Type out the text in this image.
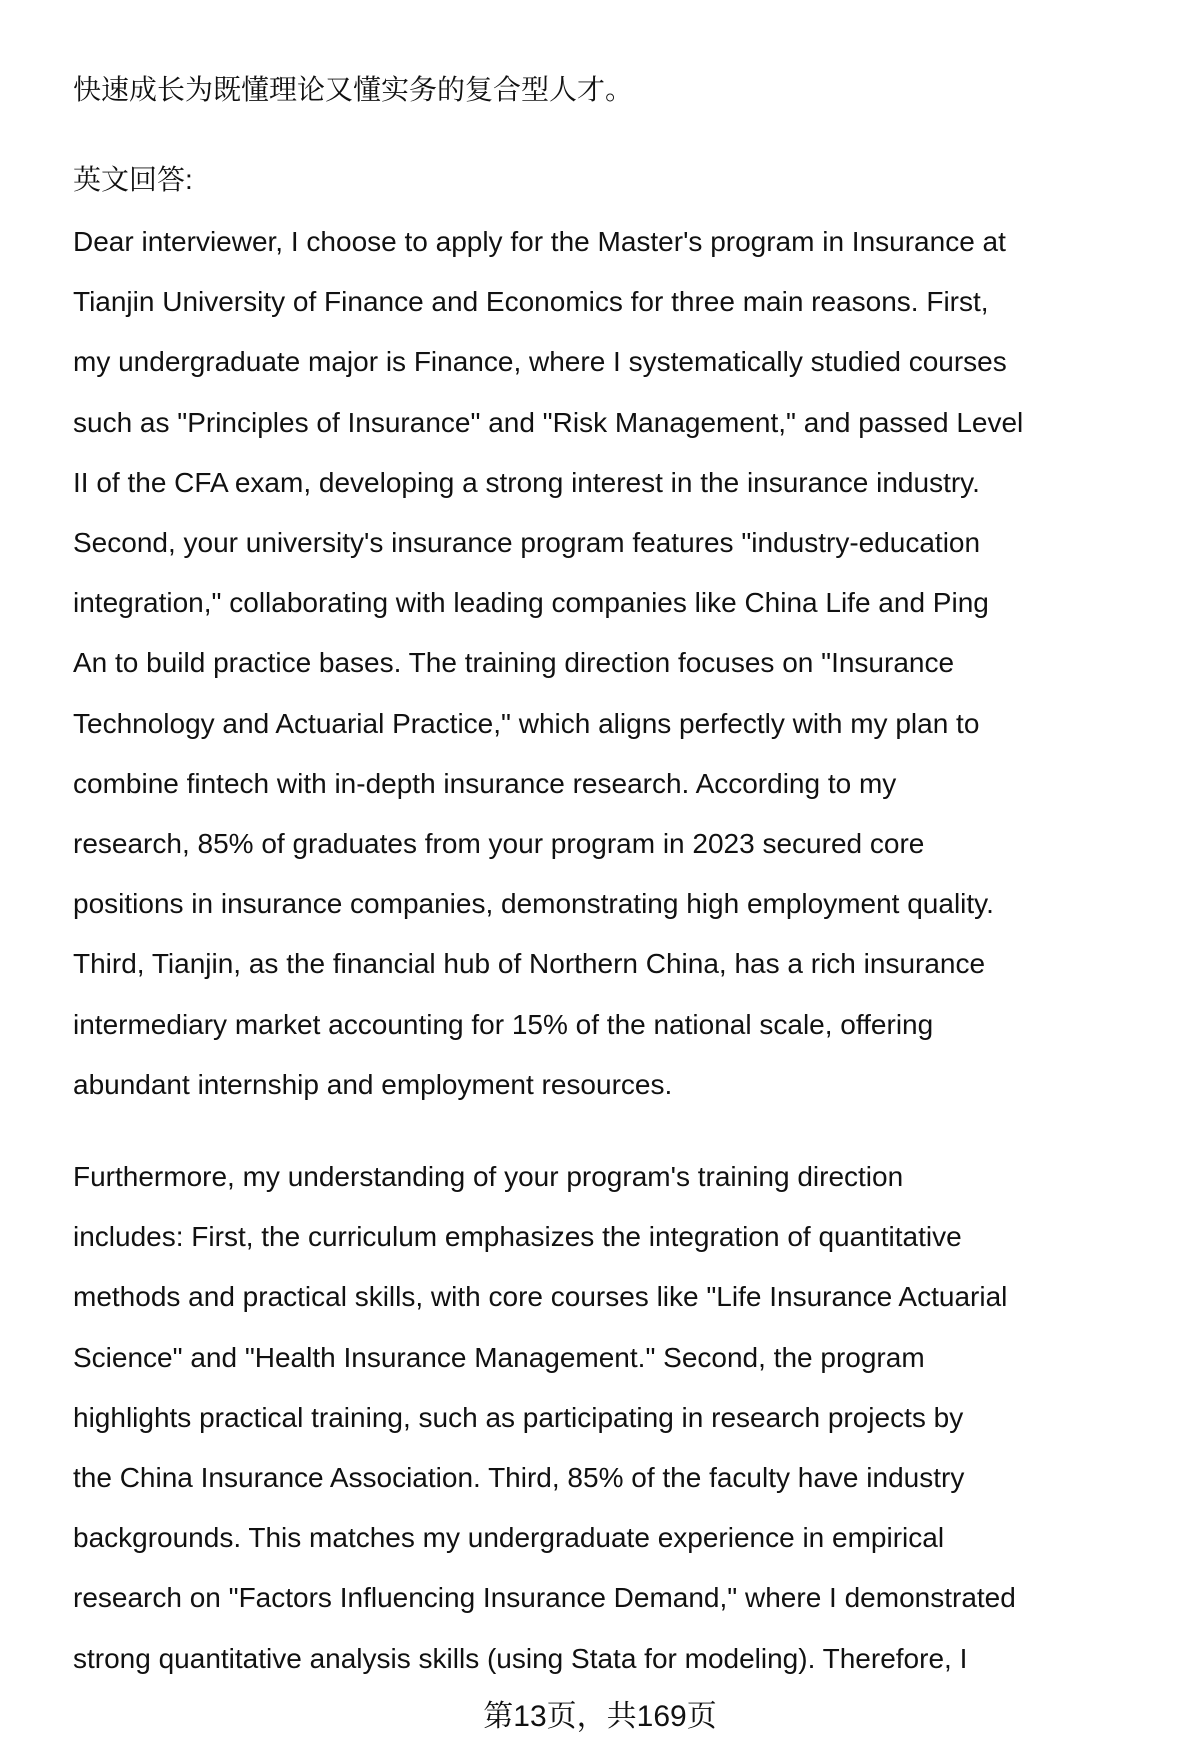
快速成长为既懂理论又懂实务的复合型人才。
英文回答:
Dear interviewer, I choose to apply for the Master's program in Insurance at
Tianjin University of Finance and Economics for three main reasons. First,
my undergraduate major is Finance, where I systematically studied courses
such as "Principles of Insurance" and "Risk Management," and passed Level
II of the CFA exam, developing a strong interest in the insurance industry.
Second, your university's insurance program features "industry-education
integration," collaborating with leading companies like China Life and Ping
An to build practice bases. The training direction focuses on "Insurance
Technology and Actuarial Practice," which aligns perfectly with my plan to
combine fintech with in-depth insurance research. According to my
research, 85% of graduates from your program in 2023 secured core
positions in insurance companies, demonstrating high employment quality.
Third, Tianjin, as the financial hub of Northern China, has a rich insurance
intermediary market accounting for 15% of the national scale, offering
abundant internship and employment resources.
Furthermore, my understanding of your program's training direction
includes: First, the curriculum emphasizes the integration of quantitative
methods and practical skills, with core courses like "Life Insurance Actuarial
Science" and "Health Insurance Management." Second, the program
highlights practical training, such as participating in research projects by
the China Insurance Association. Third, 85% of the faculty have industry
backgrounds. This matches my undergraduate experience in empirical
research on "Factors Influencing Insurance Demand," where I demonstrated
strong quantitative analysis skills (using Stata for modeling). Therefore, I
第13页，共169页
